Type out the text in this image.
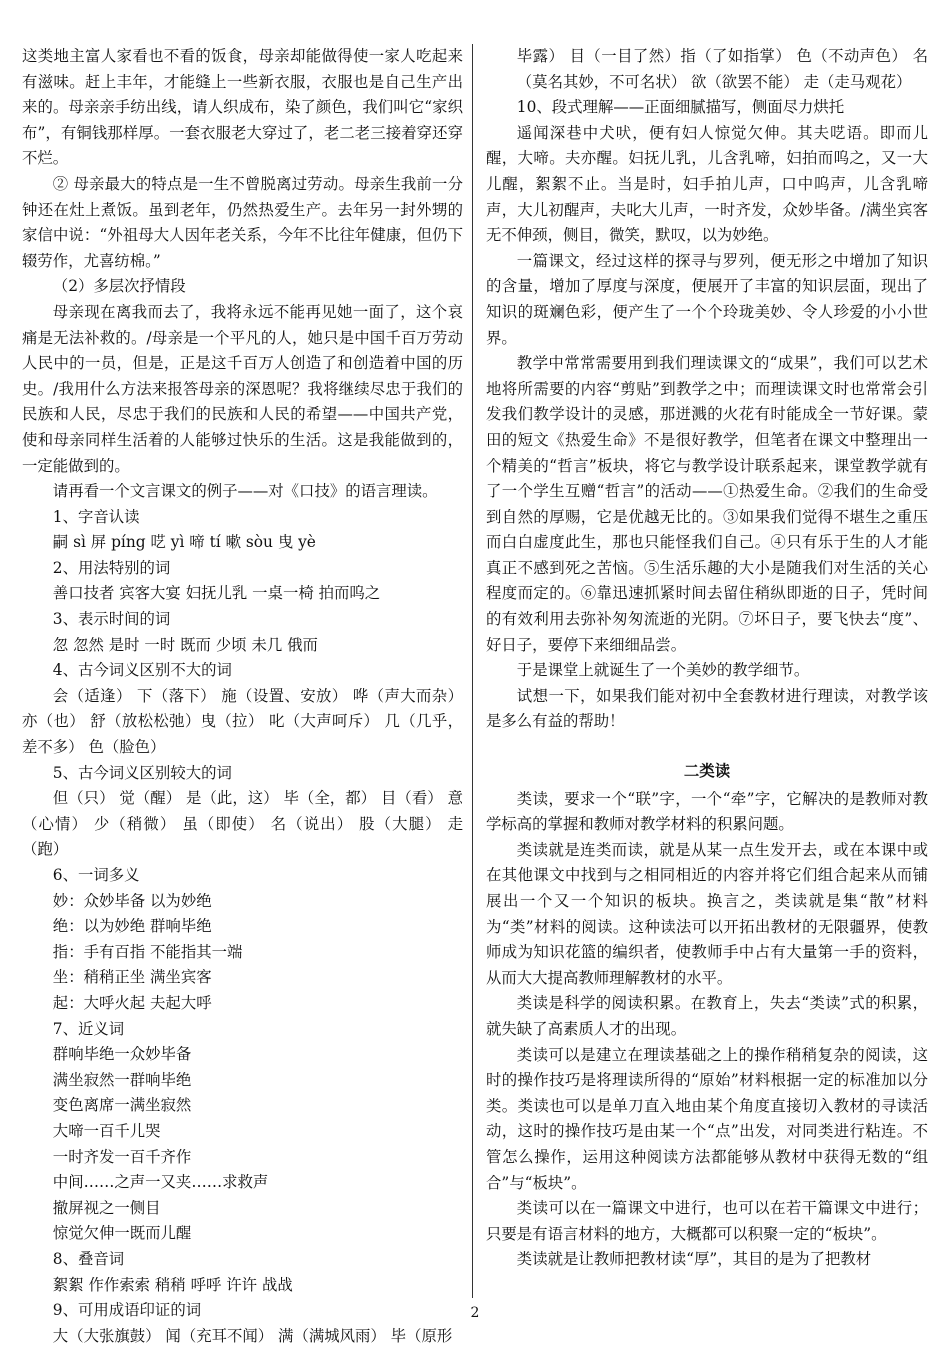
这类地主富人家看也不看的饭食，母亲却能做得使一家人吃起来有滋味。赶上丰年，才能缝上一些新衣服，衣服也是自己生产出来的。母亲亲手纺出线，请人织成布，染了颜色，我们叫它“家织布”，有铜钱那样厚。一套衣服老大穿过了，老二老三接着穿还穿不烂。

② 母亲最大的特点是一生不曾脱离过劳动。母亲生我前一分钟还在灶上煮饭。虽到老年，仍然热爱生产。去年另一封外甥的家信中说：“外祖母大人因年老关系，今年不比往年健康，但仍下辍劳作，尤喜纺棉。”

（2）多层次抒情段

母亲现在离我而去了，我将永远不能再见她一面了，这个哀痛是无法补救的。/母亲是一个平凡的人，她只是中国千百万劳动人民中的一员，但是，正是这千百万人创造了和创造着中国的历史。/我用什么方法来报答母亲的深恩呢？我将继续尽忠于我们的民族和人民，尽忠于我们的民族和人民的希望——中国共产党，使和母亲同样生活着的人能够过快乐的生活。这是我能做到的，一定能做到的。

请再看一个文言课文的例子——对《口技》的语言理读。

1、字音认读

嗣 sì 屏 píng 呓 yì 啼 tí 嗽 sòu 曳 yè

2、用法特别的词

善口技者 宾客大宴 妇抚儿乳 一桌一椅 拍而呜之

3、表示时间的词

忽 忽然 是时 一时 既而 少顷 未几 俄而

4、古今词义区别不大的词

会（适逢） 下（落下） 施（设置、安放） 哗（声大而杂） 亦（也） 舒（放松松弛）曳（拉） 叱（大声呵斥） 几（几乎，差不多） 色（脸色）

5、古今词义区别较大的词

但（只） 觉（醒） 是（此，这） 毕（全，都） 目（看） 意（心情） 少（稍微） 虽（即使） 名（说出） 股（大腿） 走（跑）

6、一词多义

妙：众妙毕备 以为妙绝

绝：以为妙绝 群响毕绝

指：手有百指 不能指其一端

坐：稍稍正坐 满坐宾客

起：大呼火起 夫起大呼

7、近义词

群响毕绝一众妙毕备

满坐寂然一群响毕绝

变色离席一满坐寂然

大啼一百千儿哭

一时齐发一百千齐作

中间……之声一又夹……求救声

撤屏视之一侧目

惊觉欠伸一既而儿醒

8、叠音词

絮絮 作作索索 稍稍 呼呼 许许 战战

9、可用成语印证的词

大（大张旗鼓） 闻（充耳不闻） 满（满城风雨） 毕（原形

毕露） 目（一目了然）指（了如指掌） 色（不动声色） 名（莫名其妙，不可名状） 欲（欲罢不能） 走（走马观花）

10、段式理解——正面细腻描写，侧面尽力烘托

遥闻深巷中犬吠，便有妇人惊觉欠伸。其夫呓语。即而儿醒，大啼。夫亦醒。妇抚儿乳，儿含乳啼，妇拍而呜之，又一大儿醒，絮絮不止。当是时，妇手拍儿声，口中呜声，儿含乳啼声，大儿初醒声，夫叱大儿声，一时齐发，众妙毕备。/满坐宾客无不伸颈，侧目，微笑，默叹，以为妙绝。

一篇课文，经过这样的探寻与罗列，便无形之中增加了知识的含量，增加了厚度与深度，便展开了丰富的知识层面，现出了知识的斑斓色彩，便产生了一个个玲珑美妙、令人珍爱的小小世界。

教学中常常需要用到我们理读课文的“成果”，我们可以艺术地将所需要的内容“剪贴”到教学之中；而理读课文时也常常会引发我们教学设计的灵感，那迸溅的火花有时能成全一节好课。蒙田的短文《热爱生命》不是很好教学，但笔者在课文中整理出一个精美的“哲言”板块，将它与教学设计联系起来，课堂教学就有了一个学生互赠“哲言”的活动——①热爱生命。②我们的生命受到自然的厚赐，它是优越无比的。③如果我们觉得不堪生之重压而白白虚度此生，那也只能怪我们自己。④只有乐于生的人才能真正不感到死之苦恼。⑤生活乐趣的大小是随我们对生活的关心程度而定的。⑥靠迅速抓紧时间去留住稍纵即逝的日子，凭时间的有效利用去弥补匆匆流逝的光阴。⑦坏日子，要飞快去“度”、好日子，要停下来细细品尝。

于是课堂上就诞生了一个美妙的教学细节。

试想一下，如果我们能对初中全套教材进行理读，对教学该是多么有益的帮助！

二类读

类读，要求一个“联”字，一个“牵”字，它解决的是教师对教学标高的掌握和教师对教学材料的积累问题。

类读就是连类而读，就是从某一点生发开去，或在本课中或在其他课文中找到与之相同相近的内容并将它们组合起来从而铺展出一个又一个知识的板块。换言之，类读就是集“散”材料为“类”材料的阅读。这种读法可以开拓出教材的无限疆界，使教师成为知识花篮的编织者，使教师手中占有大量第一手的资料，从而大大提高教师理解教材的水平。

类读是科学的阅读积累。在教育上，失去“类读”式的积累，就失缺了高素质人才的出现。

类读可以是建立在理读基础之上的操作稍稍复杂的阅读，这时的操作技巧是将理读所得的“原始”材料根据一定的标准加以分类。类读也可以是单刀直入地由某个角度直接切入教材的寻读活动，这时的操作技巧是由某一个“点”出发，对同类进行粘连。不管怎么操作，运用这种阅读方法都能够从教材中获得无数的“组合”与“板块”。

类读可以在一篇课文中进行，也可以在若干篇课文中进行；只要是有语言材料的地方，大概都可以积聚一定的“板块”。

类读就是让教师把教材读“厚”，其目的是为了把教材

2
